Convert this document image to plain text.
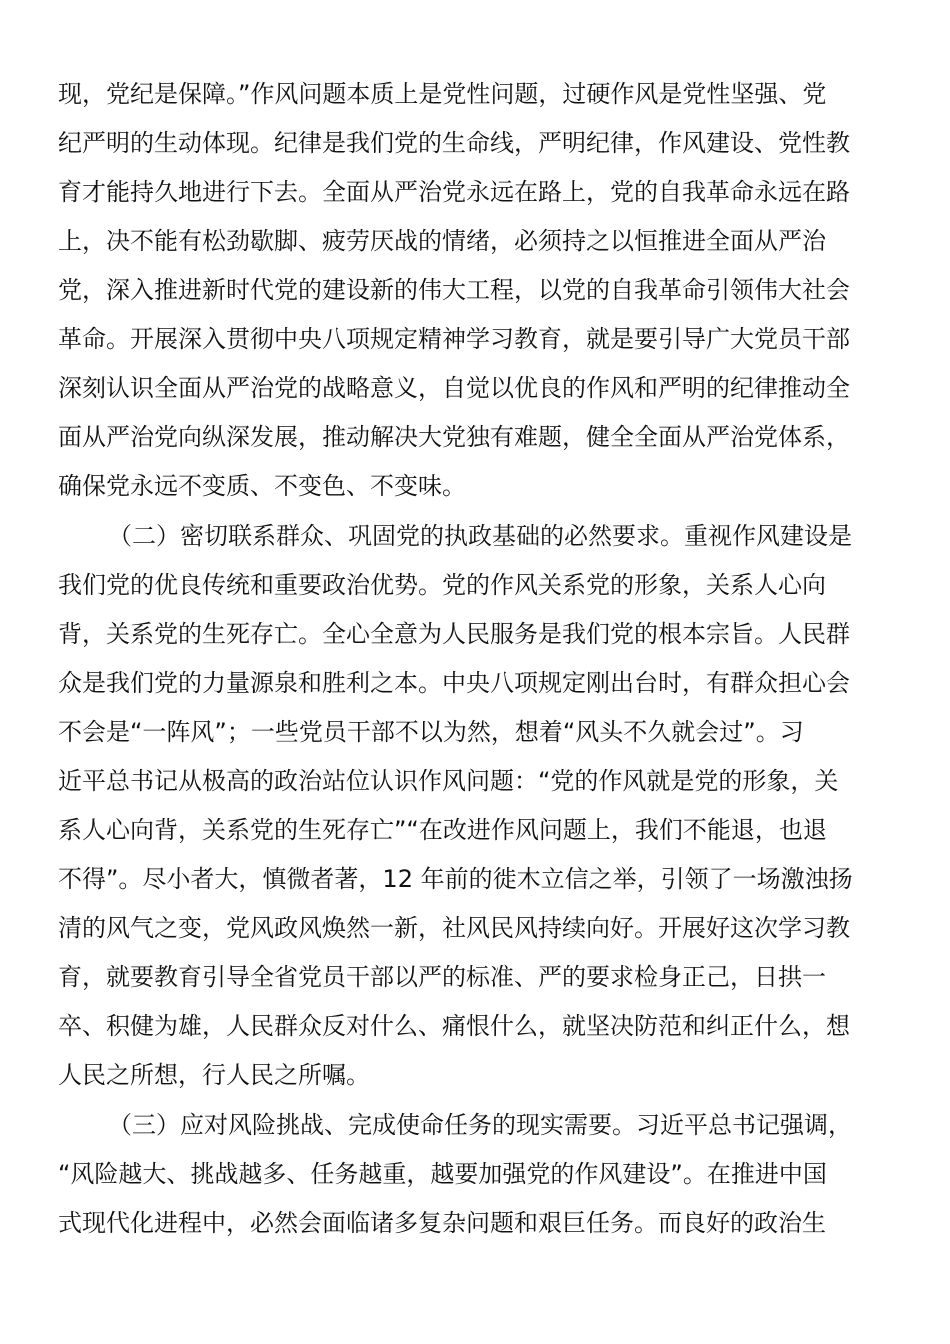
现，党纪是保障。”作风问题本质上是党性问题，过硬作风是党性坚强、党
纪严明的生动体现。纪律是我们党的生命线，严明纪律，作风建设、党性教
育才能持久地进行下去。全面从严治党永远在路上，党的自我革命永远在路
上，决不能有松劲歇脚、疲劳厌战的情绪，必须持之以恒推进全面从严治
党，深入推进新时代党的建设新的伟大工程，以党的自我革命引领伟大社会
革命。开展深入贯彻中央八项规定精神学习教育，就是要引导广大党员干部
深刻认识全面从严治党的战略意义，自觉以优良的作风和严明的纪律推动全
面从严治党向纵深发展，推动解决大党独有难题，健全全面从严治党体系，
确保党永远不变质、不变色、不变味。
（二）密切联系群众、巩固党的执政基础的必然要求。重视作风建设是
我们党的优良传统和重要政治优势。党的作风关系党的形象，关系人心向
背，关系党的生死存亡。全心全意为人民服务是我们党的根本宗旨。人民群
众是我们党的力量源泉和胜利之本。中央八项规定刚出台时，有群众担心会
不会是“一阵风”；一些党员干部不以为然，想着“风头不久就会过”。习
近平总书记从极高的政治站位认识作风问题：“党的作风就是党的形象，关
系人心向背，关系党的生死存亡”“在改进作风问题上，我们不能退，也退
不得”。尽小者大，慎微者著，12 年前的徙木立信之举，引领了一场激浊扬
清的风气之变，党风政风焕然一新，社风民风持续向好。开展好这次学习教
育，就要教育引导全省党员干部以严的标准、严的要求检身正己，日拱一
卒、积健为雄，人民群众反对什么、痛恨什么，就坚决防范和纠正什么，想
人民之所想，行人民之所嘱。
（三）应对风险挑战、完成使命任务的现实需要。习近平总书记强调，
“风险越大、挑战越多、任务越重，越要加强党的作风建设”。在推进中国
式现代化进程中，必然会面临诸多复杂问题和艰巨任务。而良好的政治生
